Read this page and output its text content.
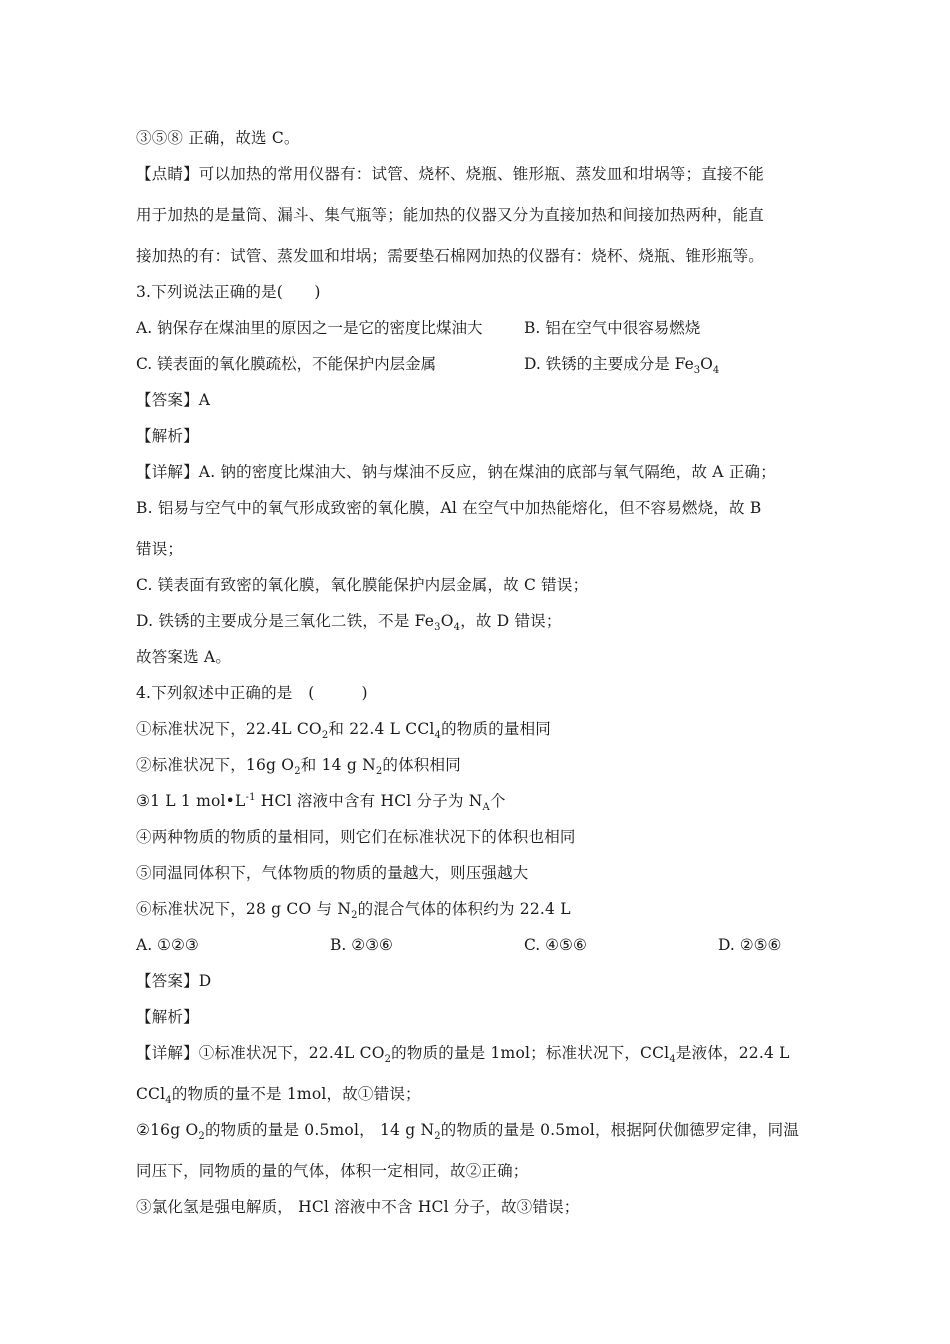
③⑤⑧ 正确，故选 C。
【点睛】可以加热的常用仪器有：试管、烧杯、烧瓶、锥形瓶、蒸发皿和坩埚等；直接不能
用于加热的是量筒、漏斗、集气瓶等；能加热的仪器又分为直接加热和间接加热两种，能直
接加热的有：试管、蒸发皿和坩埚；需要垫石棉网加热的仪器有：烧杯、烧瓶、锥形瓶等。
3.下列说法正确的是(　　)
A. 钠保存在煤油里的原因之一是它的密度比煤油大	B. 铝在空气中很容易燃烧
C. 镁表面的氧化膜疏松，不能保护内层金属	D. 铁锈的主要成分是 $Fe_3O_4$
【答案】A
【解析】
【详解】A. 钠的密度比煤油大、钠与煤油不反应，钠在煤油的底部与氧气隔绝，故 A 正确；
B. 铝易与空气中的氧气形成致密的氧化膜，Al 在空气中加热能熔化，但不容易燃烧，故 B
错误；
C. 镁表面有致密的氧化膜，氧化膜能保护内层金属，故 C 错误；
D. 铁锈的主要成分是三氧化二铁，不是 $Fe_3O_4$，故 D 错误；
故答案选 A。
4.下列叙述中正确的是　(　　　)
①标准状况下，22.4L $CO_2$和 22.4 L CCl$_4$的物质的量相同
②标准状况下，16g $O_2$和 14 g $N_2$的体积相同
③1 L 1 $mol•L^{-1}$ HCl 溶液中含有 HCl 分子为 $N_A$个
④两种物质的物质的量相同，则它们在标准状况下的体积也相同
⑤同温同体积下，气体物质的物质的量越大，则压强越大
⑥标准状况下，28 g CO 与 $N_2$的混合气体的体积约为 22.4 L
A. ①②③	B. ②③⑥	C. ④⑤⑥	D. ②⑤⑥
【答案】D
【解析】
【详解】①标准状况下，22.4L $CO_2$的物质的量是 1mol；标准状况下，CCl$_4$是液体，22.4 L
CCl$_4$的物质的量不是 1mol，故①错误；
②16g $O_2$的物质的量是 0.5mol， 14 g $N_2$的物质的量是 0.5mol，根据阿伏伽德罗定律，同温
同压下，同物质的量的气体，体积一定相同，故②正确；
③氯化氢是强电解质， HCl 溶液中不含 HCl 分子，故③错误；
